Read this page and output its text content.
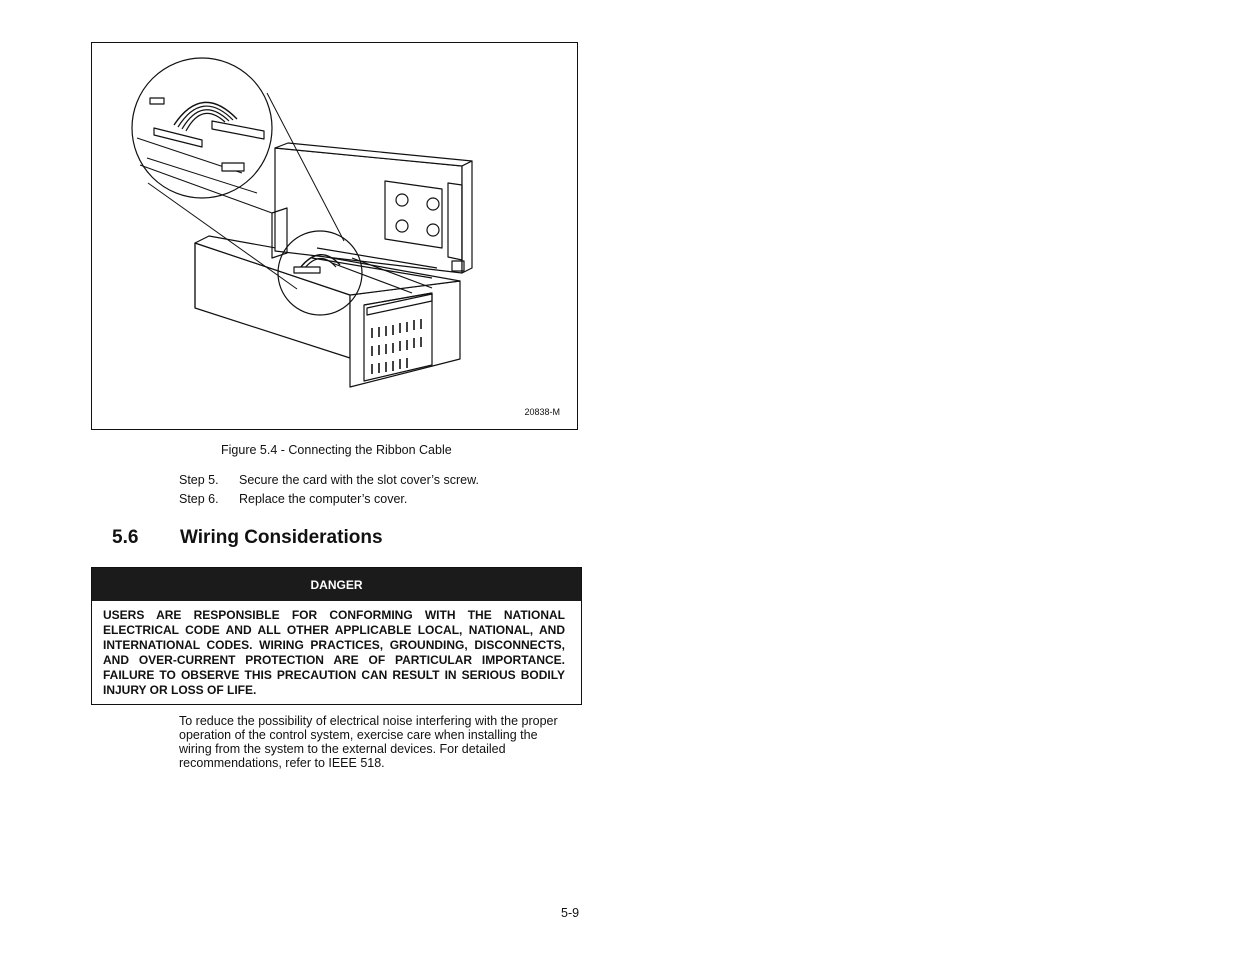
20838-M
Figure 5.4 - Connecting the Ribbon Cable
Step 5. Secure the card with the slot cover’s screw.
Step 6. Replace the computer’s cover.
5.6 Wiring Considerations
DANGER
USERS ARE RESPONSIBLE FOR CONFORMING WITH THE NATIONAL ELECTRICAL CODE AND ALL OTHER APPLICABLE LOCAL, NATIONAL, AND INTERNATIONAL CODES. WIRING PRACTICES, GROUNDING, DISCONNECTS, AND OVER-CURRENT PROTECTION ARE OF PARTICULAR IMPORTANCE. FAILURE TO OBSERVE THIS PRECAUTION CAN RESULT IN SERIOUS BODILY INJURY OR LOSS OF LIFE.
To reduce the possibility of electrical noise interfering with the proper operation of the control system, exercise care when installing the wiring from the system to the external devices. For detailed recommendations, refer to IEEE 518.
5-9
